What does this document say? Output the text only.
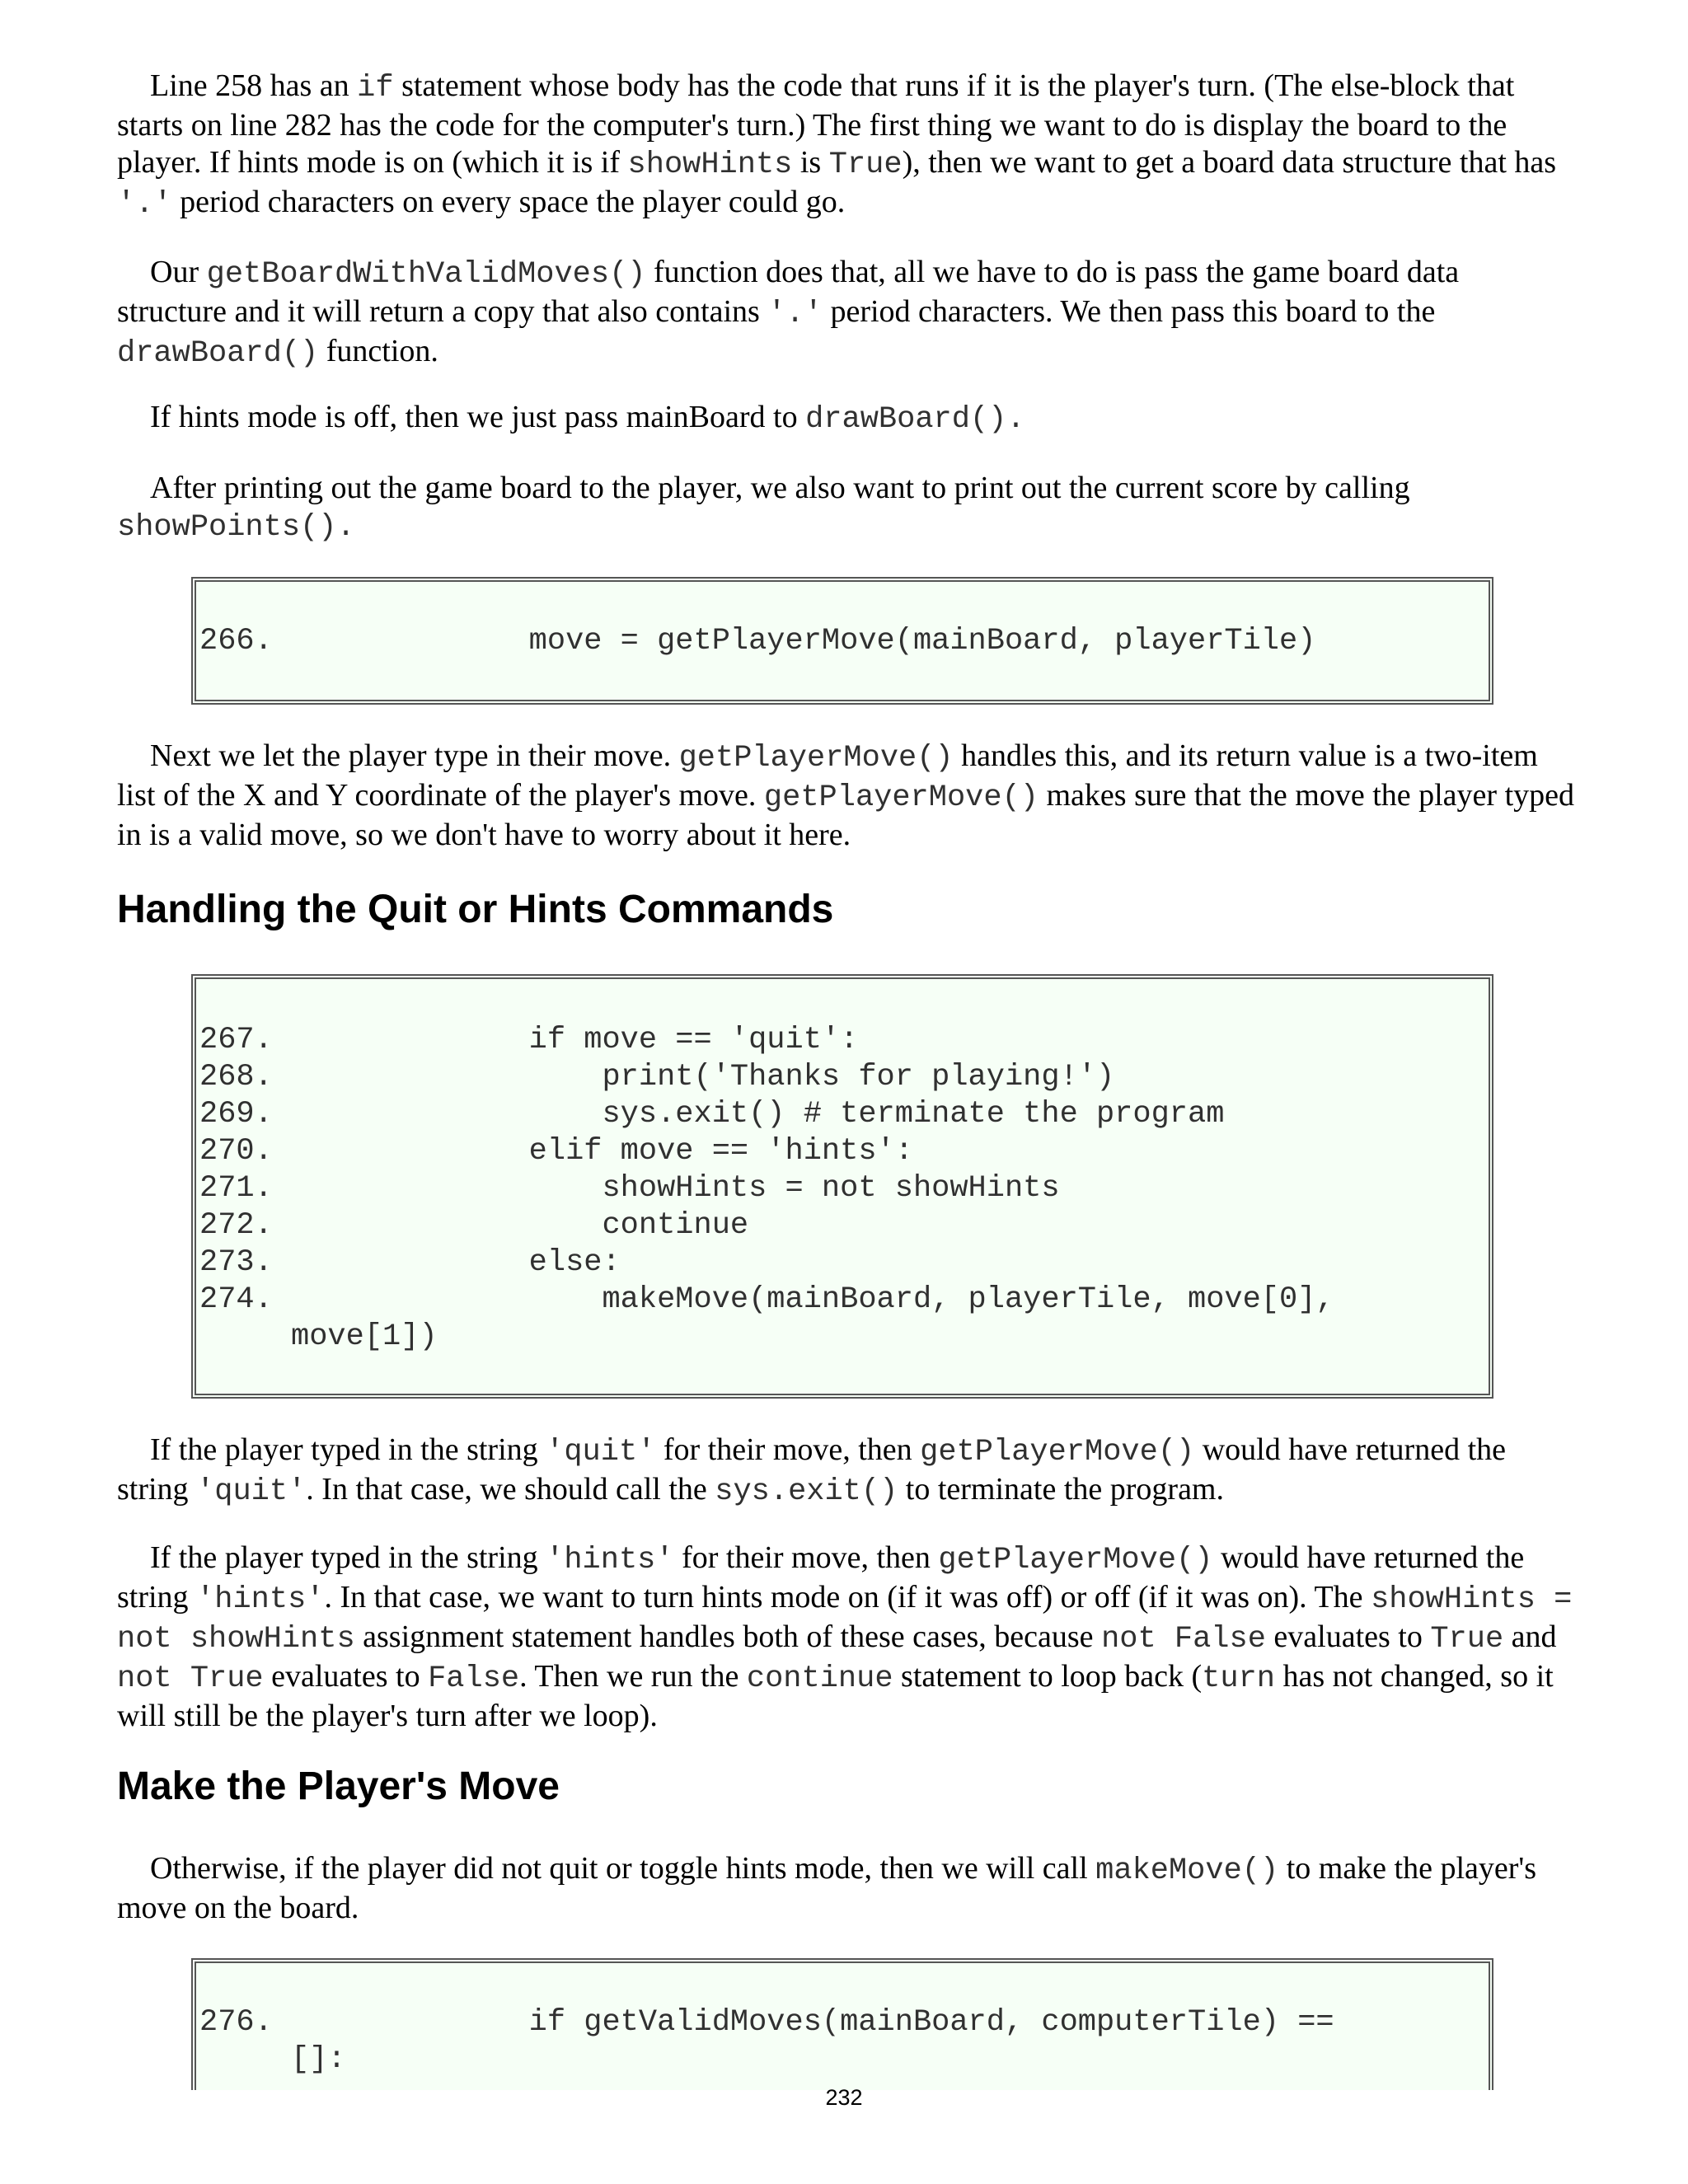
Line 258 has an if statement whose body has the code that runs if it is the player's turn. (The else-block that starts on line 282 has the code for the computer's turn.) The first thing we want to do is display the board to the player. If hints mode is on (which it is if showHints is True), then we want to get a board data structure that has '.' period characters on every space the player could go.

Our getBoardWithValidMoves() function does that, all we have to do is pass the game board data structure and it will return a copy that also contains '.' period characters. We then pass this board to the drawBoard() function.

If hints mode is off, then we just pass mainBoard to drawBoard().

After printing out the game board to the player, we also want to print out the current score by calling showPoints().

266.              move = getPlayerMove(mainBoard, playerTile)

Next we let the player type in their move. getPlayerMove() handles this, and its return value is a two-item list of the X and Y coordinate of the player's move. getPlayerMove() makes sure that the move the player typed in is a valid move, so we don't have to worry about it here.

Handling the Quit or Hints Commands
267.              if move == 'quit':
268.                  print('Thanks for playing!')
269.                  sys.exit() # terminate the program
270.              elif move == 'hints':
271.                  showHints = not showHints
272.                  continue
273.              else:
274.                  makeMove(mainBoard, playerTile, move[0],
move[1])

If the player typed in the string 'quit' for their move, then getPlayerMove() would have returned the string 'quit'. In that case, we should call the sys.exit() to terminate the program.

If the player typed in the string 'hints' for their move, then getPlayerMove() would have returned the string 'hints'. In that case, we want to turn hints mode on (if it was off) or off (if it was on). The showHints = not showHints assignment statement handles both of these cases, because not False evaluates to True and not True evaluates to False. Then we run the continue statement to loop back (turn has not changed, so it will still be the player's turn after we loop).

Make the Player's Move

Otherwise, if the player did not quit or toggle hints mode, then we will call makeMove() to make the player's move on the board.

276.              if getValidMoves(mainBoard, computerTile) ==
[]:
232
